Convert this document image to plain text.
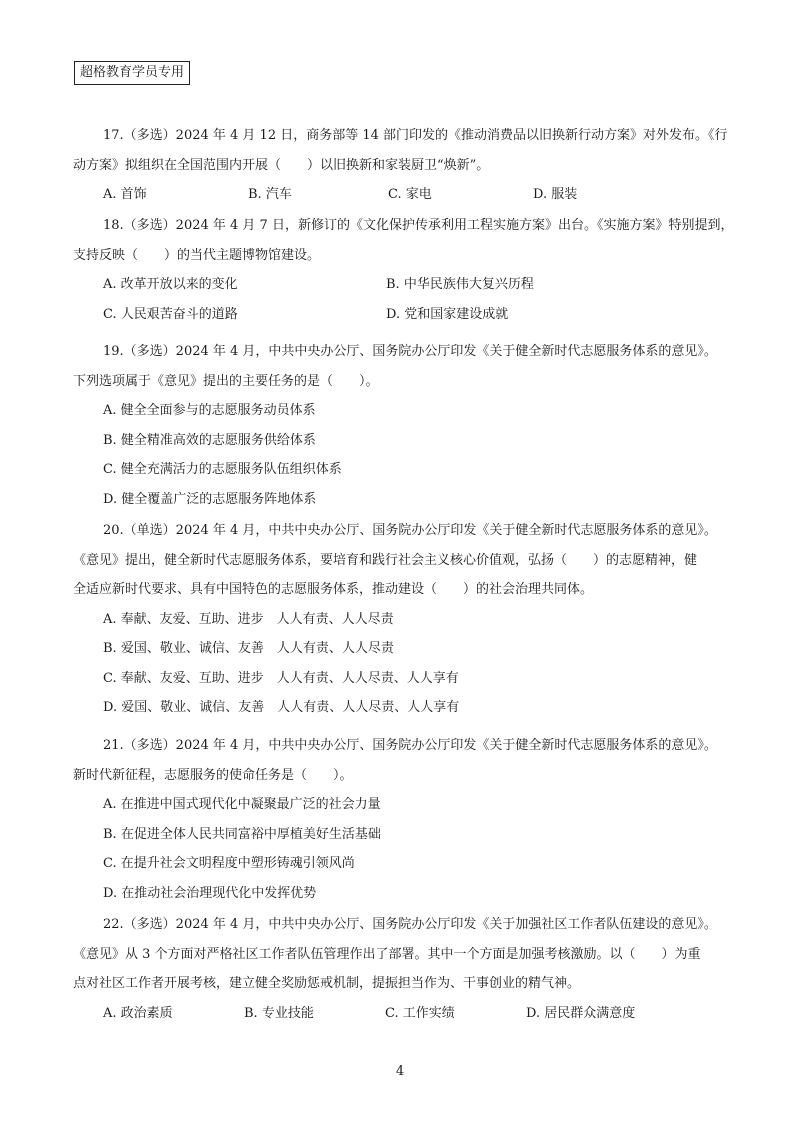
超格教育学员专用
17.（多选）2024 年 4 月 12 日，商务部等 14 部门印发的《推动消费品以旧换新行动方案》对外发布。《行
动方案》拟组织在全国范围内开展（　　）以旧换新和家装厨卫“焕新”。
A. 首饰	B. 汽车	C. 家电	D. 服装
18.（多选）2024 年 4 月 7 日，新修订的《文化保护传承利用工程实施方案》出台。《实施方案》特别提到，
支持反映（　　）的当代主题博物馆建设。
A. 改革开放以来的变化	B. 中华民族伟大复兴历程
C. 人民艰苦奋斗的道路	D. 党和国家建设成就
19.（多选）2024 年 4 月，中共中央办公厅、国务院办公厅印发《关于健全新时代志愿服务体系的意见》。
下列选项属于《意见》提出的主要任务的是（　　）。
A. 健全全面参与的志愿服务动员体系
B. 健全精准高效的志愿服务供给体系
C. 健全充满活力的志愿服务队伍组织体系
D. 健全覆盖广泛的志愿服务阵地体系
20.（单选）2024 年 4 月，中共中央办公厅、国务院办公厅印发《关于健全新时代志愿服务体系的意见》。
《意见》提出，健全新时代志愿服务体系，要培育和践行社会主义核心价值观，弘扬（　　）的志愿精神，健
全适应新时代要求、具有中国特色的志愿服务体系，推动建设（　　）的社会治理共同体。
A. 奉献、友爱、互助、进步　人人有责、人人尽责
B. 爱国、敬业、诚信、友善　人人有责、人人尽责
C. 奉献、友爱、互助、进步　人人有责、人人尽责、人人享有
D. 爱国、敬业、诚信、友善　人人有责、人人尽责、人人享有
21.（多选）2024 年 4 月，中共中央办公厅、国务院办公厅印发《关于健全新时代志愿服务体系的意见》。
新时代新征程，志愿服务的使命任务是（　　）。
A. 在推进中国式现代化中凝聚最广泛的社会力量
B. 在促进全体人民共同富裕中厚植美好生活基础
C. 在提升社会文明程度中塑形铸魂引领风尚
D. 在推动社会治理现代化中发挥优势
22.（多选）2024 年 4 月，中共中央办公厅、国务院办公厅印发《关于加强社区工作者队伍建设的意见》。
《意见》从 3 个方面对严格社区工作者队伍管理作出了部署。其中一个方面是加强考核激励。以（　　）为重
点对社区工作者开展考核，建立健全奖励惩戒机制，提振担当作为、干事创业的精气神。
A. 政治素质	B. 专业技能	C. 工作实绩	D. 居民群众满意度
4
